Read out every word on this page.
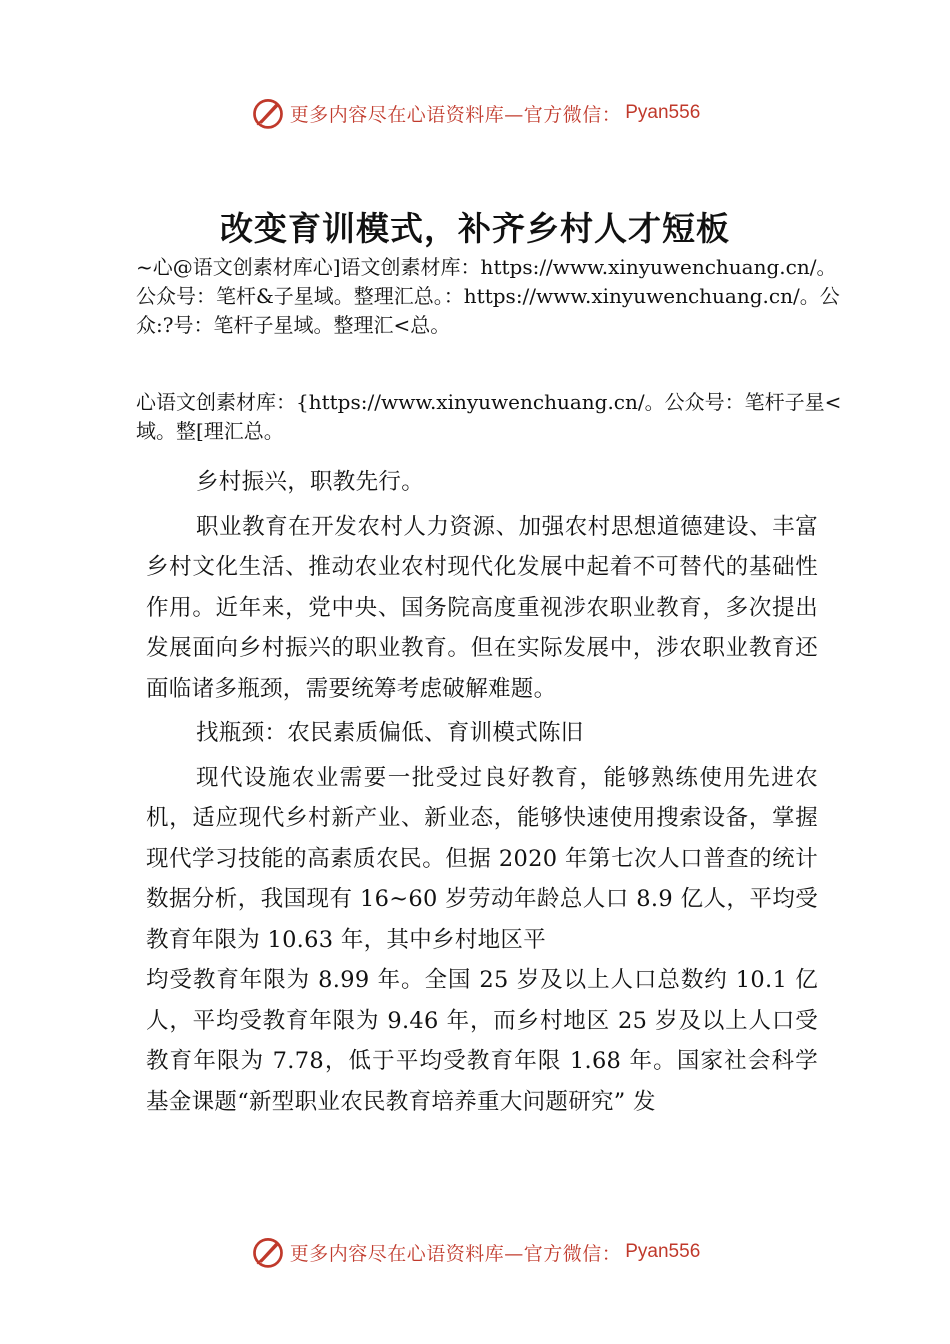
更多内容尽在心语资料库—官方微信： Pyan556
改变育训模式，补齐乡村人才短板
~心@语文创素材库心]语文创素材库：https://www.xinyuwenchuang.cn/。公众号：笔杆&子星域。整理汇总。：https://www.xinyuwenchuang.cn/。公众:?号：笔杆子星域。整理汇<总。
心语文创素材库：{https://www.xinyuwenchuang.cn/。公众号：笔杆子星<域。整[理汇总。

乡村振兴，职教先行。

职业教育在开发农村人力资源、加强农村思想道德建设、丰富乡村文化生活、推动农业农村现代化发展中起着不可替代的基础性作用。近年来，党中央、国务院高度重视涉农职业教育，多次提出发展面向乡村振兴的职业教育。但在实际发展中，涉农职业教育还面临诸多瓶颈，需要统筹考虑破解难题。

找瓶颈：农民素质偏低、育训模式陈旧

现代设施农业需要一批受过良好教育，能够熟练使用先进农机，适应现代乡村新产业、新业态，能够快速使用搜索设备，掌握现代学习技能的高素质农民。但据 2020 年第七次人口普查的统计数据分析，我国现有 16~60 岁劳动年龄总人口 8.9 亿人，平均受教育年限为 10.63 年，其中乡村地区平

均受教育年限为 8.99 年。全国 25 岁及以上人口总数约 10.1 亿人，平均受教育年限为 9.46 年，而乡村地区 25 岁及以上人口受教育年限为 7.78，低于平均受教育年限 1.68 年。国家社会科学基金课题“新型职业农民教育培养重大问题研究” 发

更多内容尽在心语资料库—官方微信： Pyan556
